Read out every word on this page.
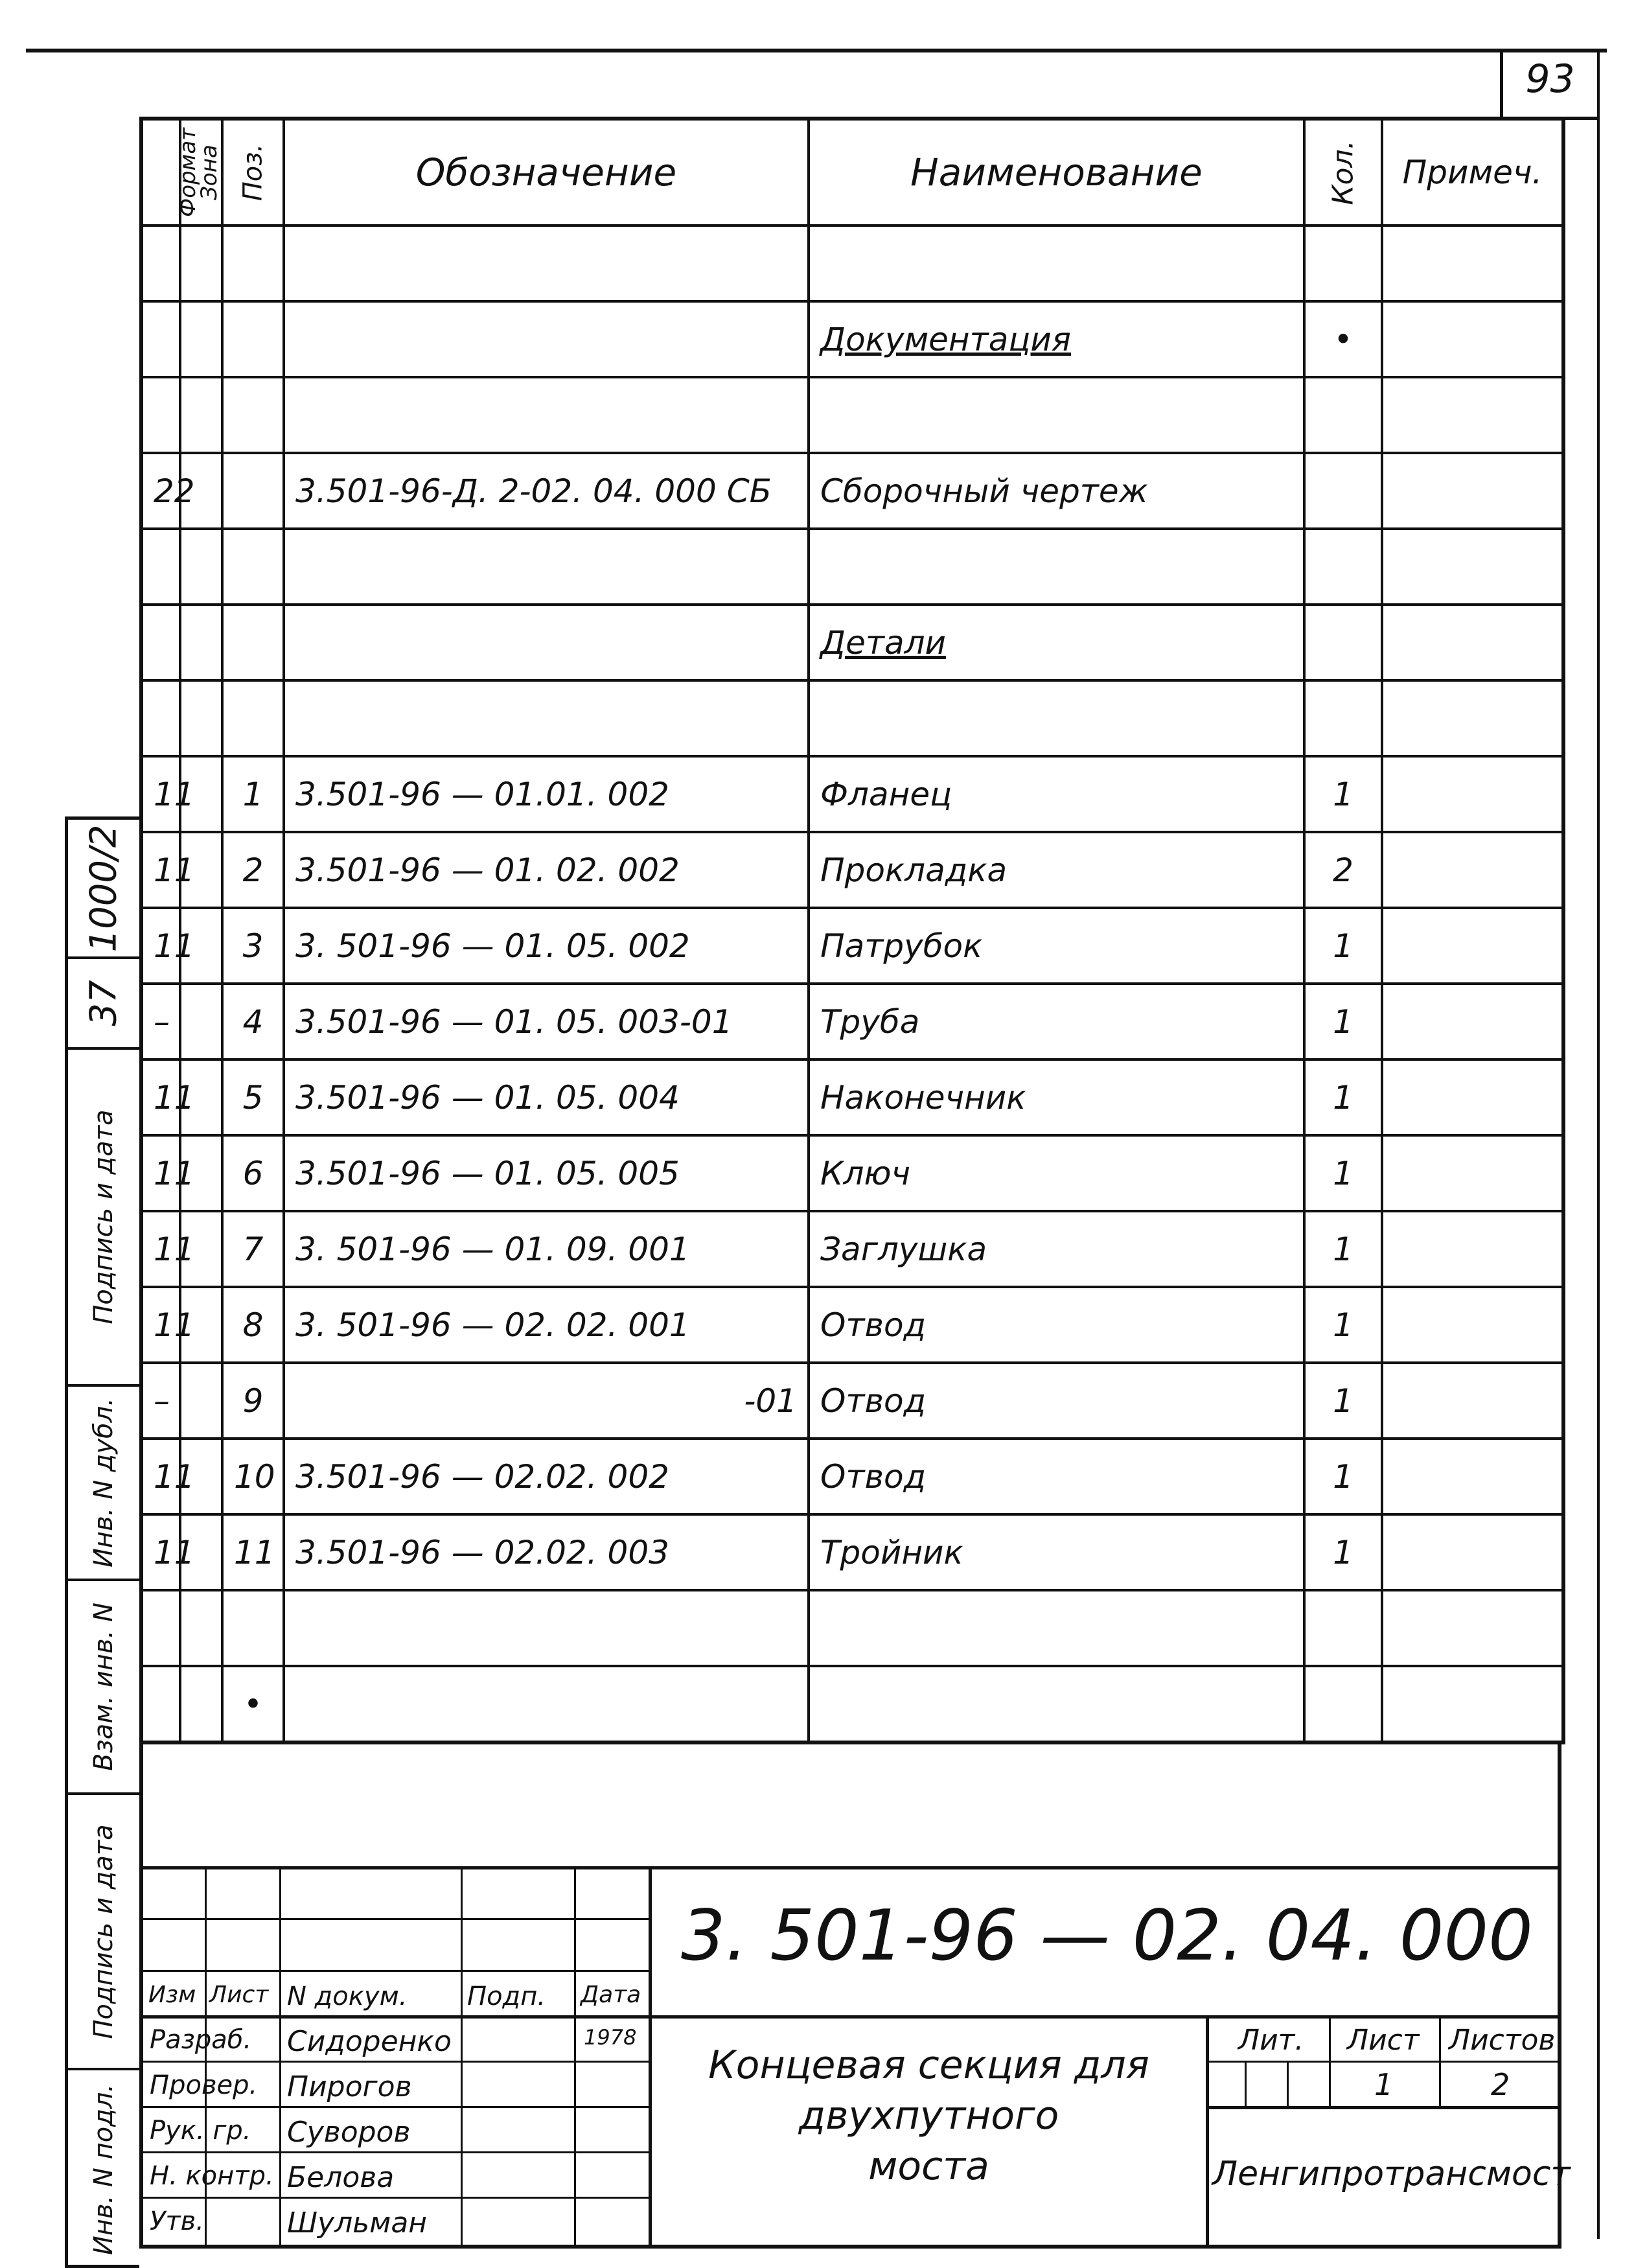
93
Формат	Зона	Поз.	Обозначение	Наименование	Кол.	Примеч.

				Документация	•	

22			3.501-96-Д. 2-02. 04. 000 СБ	Сборочный чертеж		

				Детали		

11		1	3.501-96 — 01.01. 002	Фланец	1	
11		2	3.501-96 — 01. 02. 002	Прокладка	2	
11		3	3. 501-96 — 01. 05. 002	Патрубок	1	
–		4	3.501-96 — 01. 05. 003-01	Труба	1	
11		5	3.501-96 — 01. 05. 004	Наконечник	1	
11		6	3.501-96 — 01. 05. 005	Ключ	1	
11		7	3. 501-96 — 01. 09. 001	Заглушка	1	
11		8	3. 501-96 — 02. 02. 001	Отвод	1	
–		9	-01	Отвод	1	
11		10	3.501-96 — 02.02. 002	Отвод	1	
11		11	3.501-96 — 02.02. 003	Тройник	1	

		•				
1000/2
37
Подпись и дата
Инв. N дубл.
Взам. инв. N
Подпись и дата
Инв. N подл.
Изм Лист N докум. Подп. Дата
Разраб. Сидоренко	1978
Провер. Пирогов
Рук. гр. Суворов
Н. контр. Белова
Утв.	Шульман
3. 501-96 — 02. 04. 000
Лит. Лист Листов
1	2
Концевая секция для
двухпутного
моста	Ленгипротрансмост
